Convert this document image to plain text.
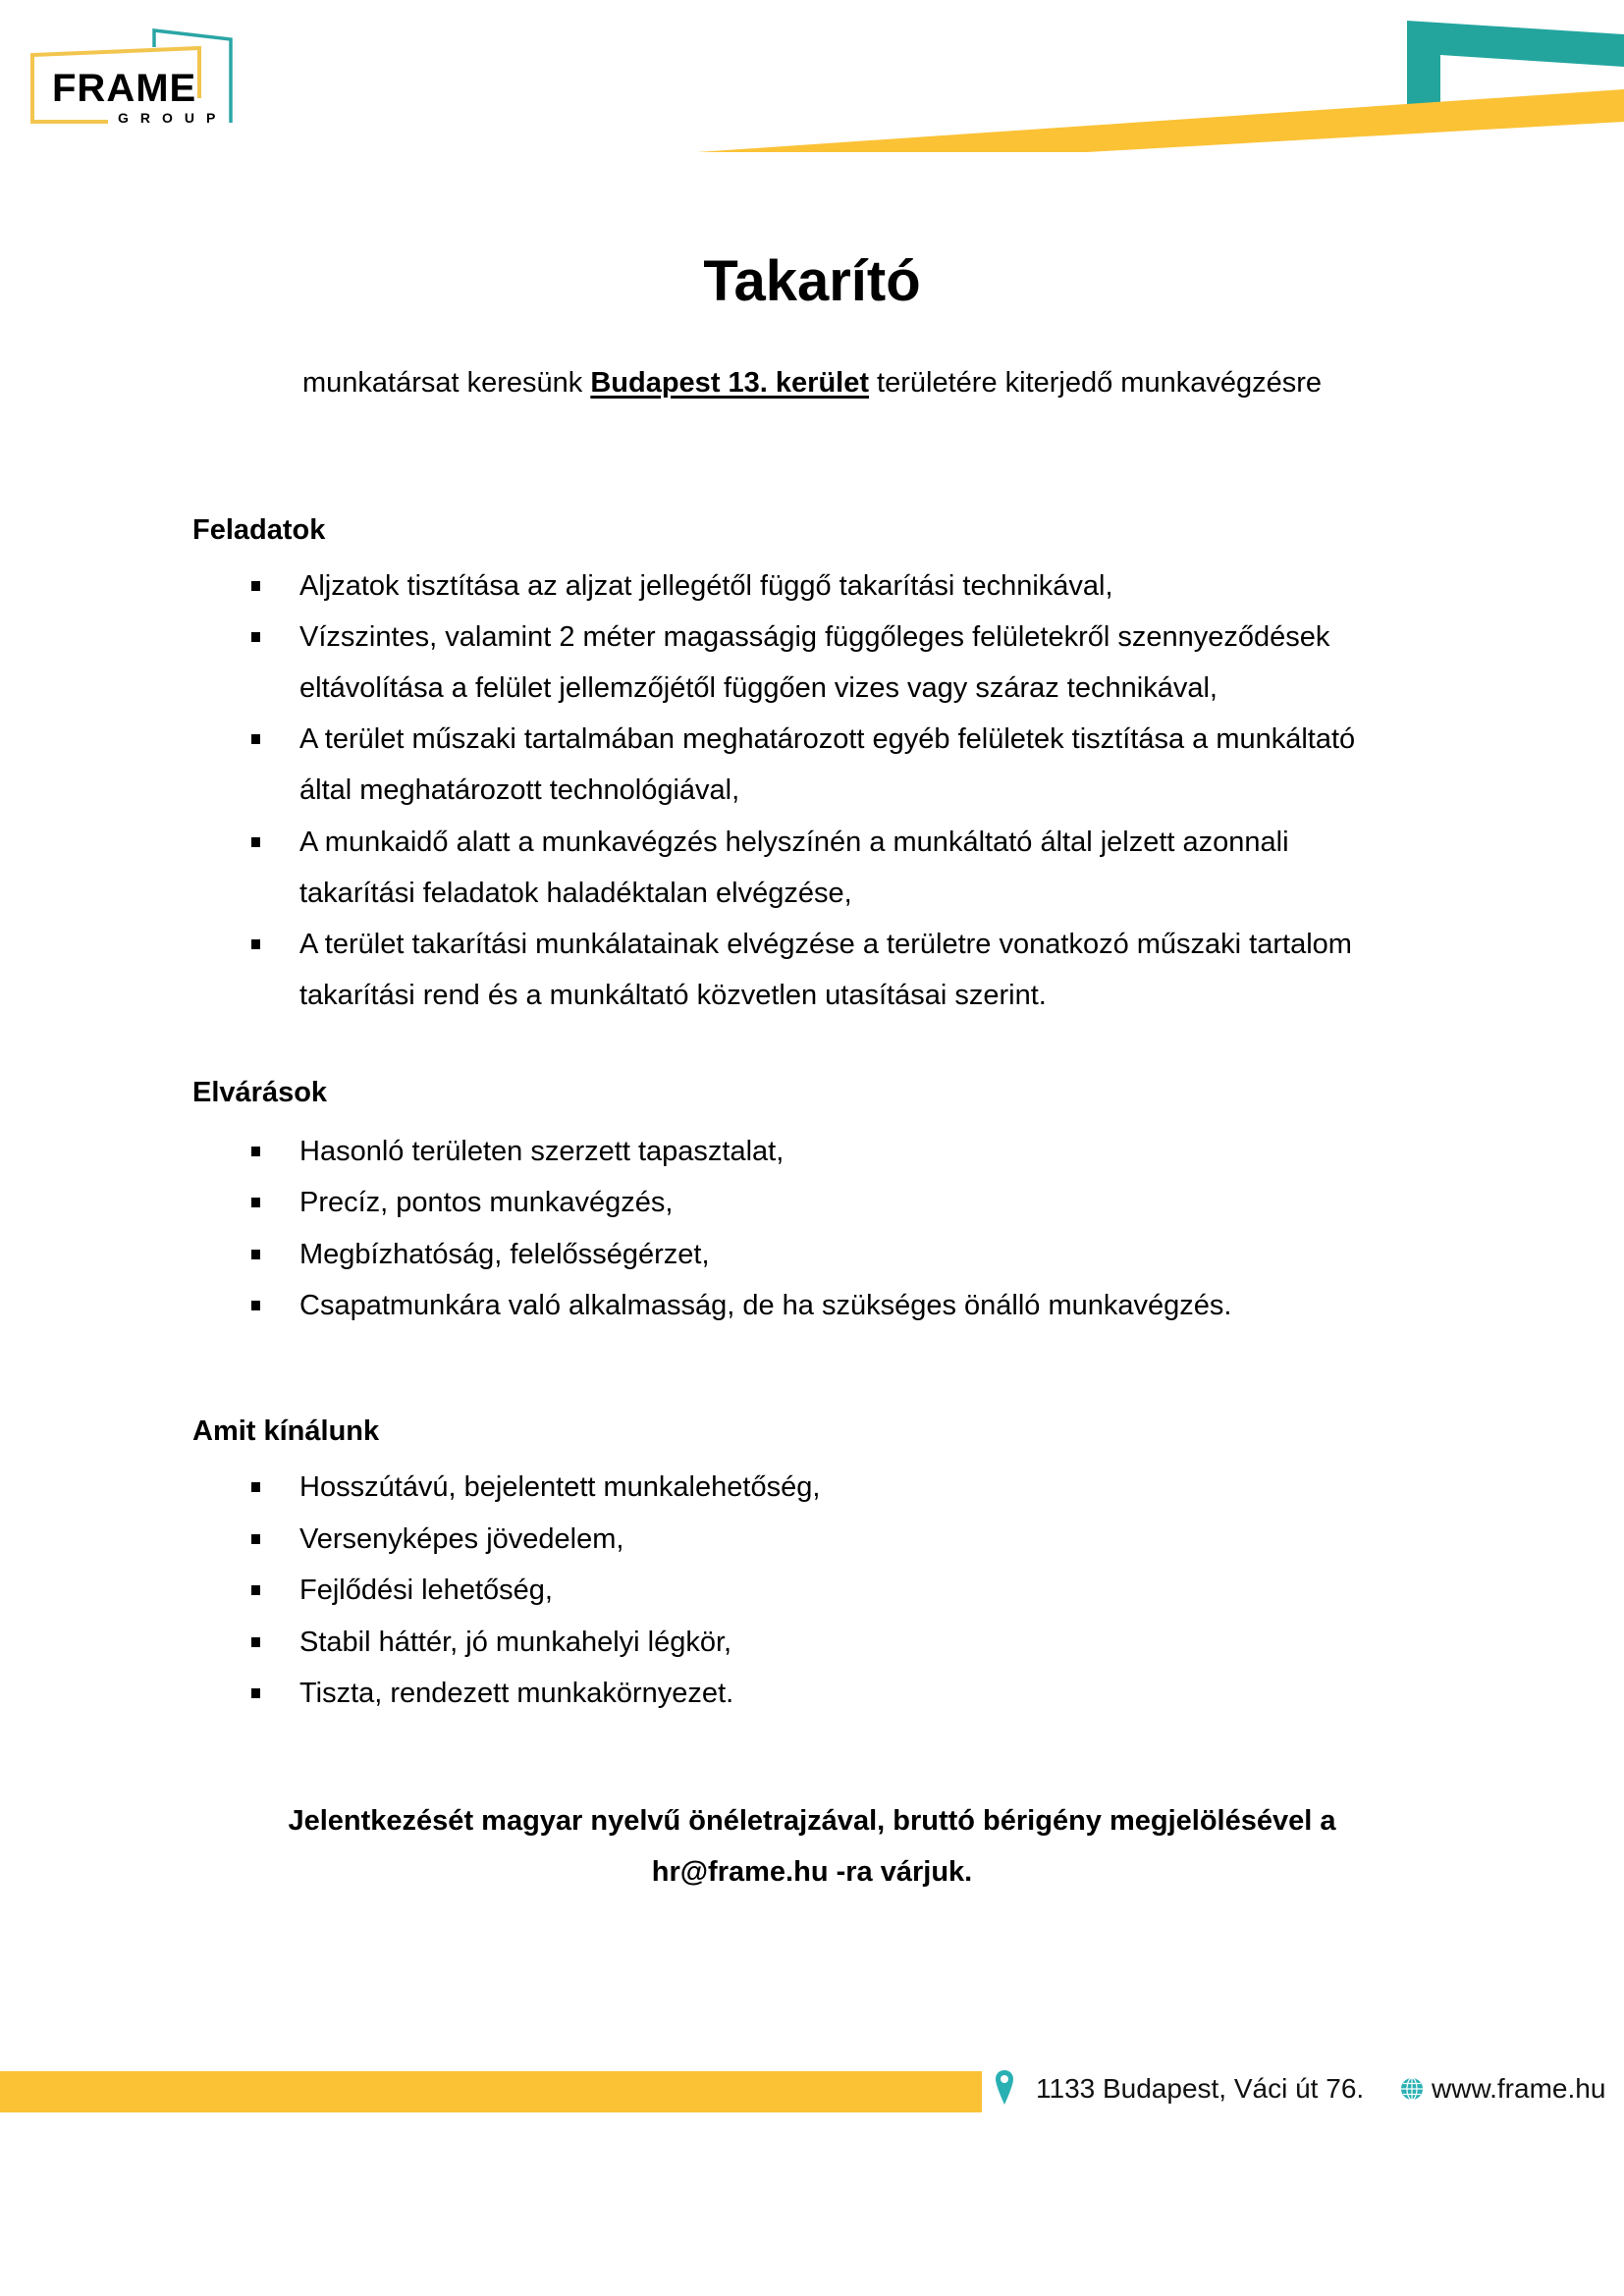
FRAME
GROUP
Takarító
munkatársat keresünk Budapest 13. kerület területére kiterjedő munkavégzésre
Feladatok
Aljzatok tisztítása az aljzat jellegétől függő takarítási technikával,
Vízszintes, valamint 2 méter magasságig függőleges felületekről szennyeződések
eltávolítása a felület jellemzőjétől függően vizes vagy száraz technikával,
A terület műszaki tartalmában meghatározott egyéb felületek tisztítása a munkáltató
által meghatározott technológiával,
A munkaidő alatt a munkavégzés helyszínén a munkáltató által jelzett azonnali
takarítási feladatok haladéktalan elvégzése,
A terület takarítási munkálatainak elvégzése a területre vonatkozó műszaki tartalom
takarítási rend és a munkáltató közvetlen utasításai szerint.
Elvárások
Hasonló területen szerzett tapasztalat,
Precíz, pontos munkavégzés,
Megbízhatóság, felelősségérzet,
Csapatmunkára való alkalmasság, de ha szükséges önálló munkavégzés.
Amit kínálunk
Hosszútávú, bejelentett munkalehetőség,
Versenyképes jövedelem,
Fejlődési lehetőség,
Stabil háttér, jó munkahelyi légkör,
Tiszta, rendezett munkakörnyezet.
Jelentkezését magyar nyelvű önéletrajzával, bruttó bérigény megjelölésével a
hr@frame.hu -ra várjuk.
1133 Budapest, Váci út 76. www.frame.hu
